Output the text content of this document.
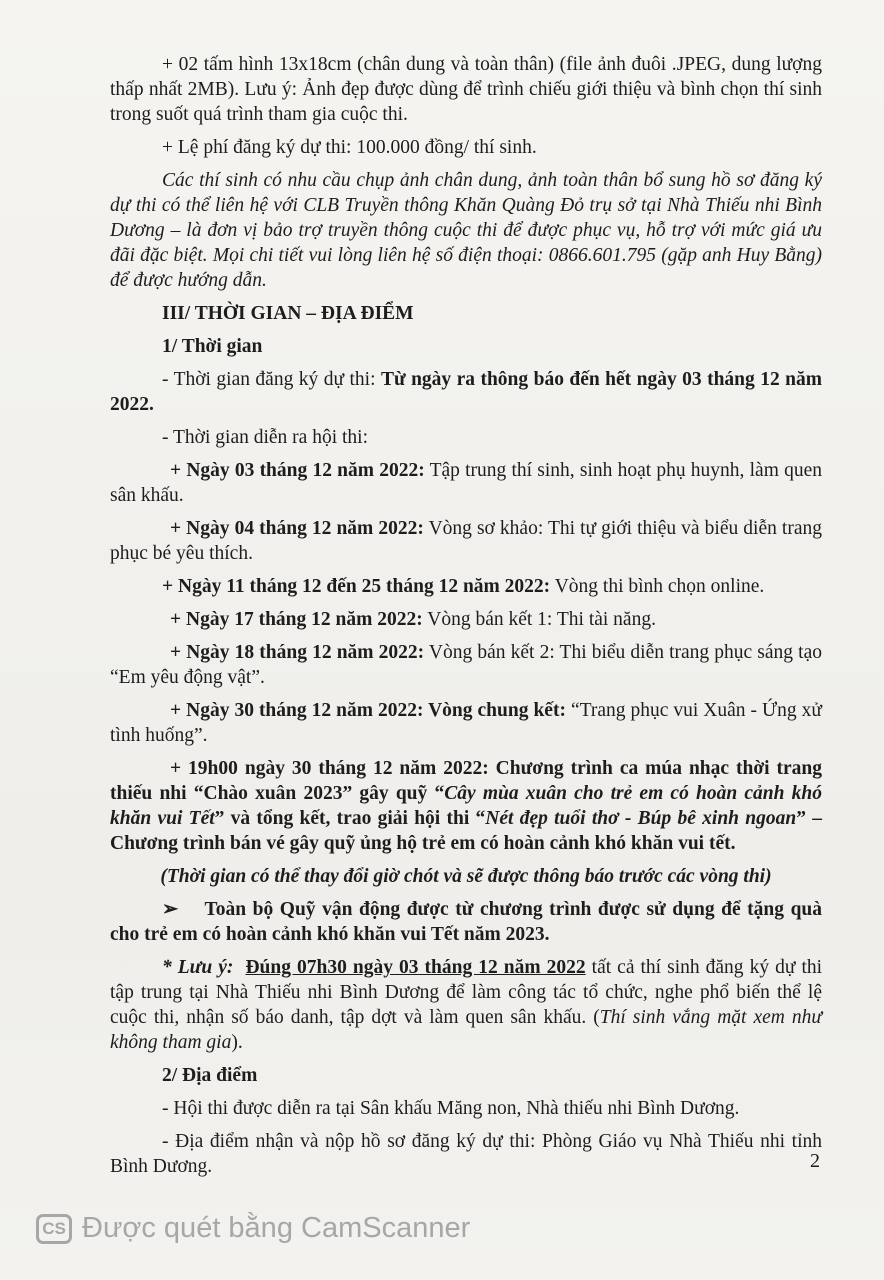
+ 02 tấm hình 13x18cm (chân dung và toàn thân) (file ảnh đuôi .JPEG, dung lượng thấp nhất 2MB). Lưu ý: Ảnh đẹp được dùng để trình chiếu giới thiệu và bình chọn thí sinh trong suốt quá trình tham gia cuộc thi.

+ Lệ phí đăng ký dự thi: 100.000 đồng/ thí sinh.

Các thí sinh có nhu cầu chụp ảnh chân dung, ảnh toàn thân bổ sung hồ sơ đăng ký dự thi có thể liên hệ với CLB Truyền thông Khăn Quàng Đỏ trụ sở tại Nhà Thiếu nhi Bình Dương – là đơn vị bảo trợ truyền thông cuộc thi để được phục vụ, hỗ trợ với mức giá ưu đãi đặc biệt. Mọi chi tiết vui lòng liên hệ số điện thoại: 0866.601.795 (gặp anh Huy Bằng) để được hướng dẫn.

III/ THỜI GIAN – ĐỊA ĐIỂM

1/ Thời gian

- Thời gian đăng ký dự thi: Từ ngày ra thông báo đến hết ngày 03 tháng 12 năm 2022.

- Thời gian diễn ra hội thi:

+ Ngày 03 tháng 12 năm 2022: Tập trung thí sinh, sinh hoạt phụ huynh, làm quen sân khấu.

+ Ngày 04 tháng 12 năm 2022: Vòng sơ khảo: Thi tự giới thiệu và biểu diễn trang phục bé yêu thích.

+ Ngày 11 tháng 12 đến 25 tháng 12 năm 2022: Vòng thi bình chọn online.

+ Ngày 17 tháng 12 năm 2022: Vòng bán kết 1: Thi tài năng.

+ Ngày 18 tháng 12 năm 2022: Vòng bán kết 2: Thi biểu diễn trang phục sáng tạo “Em yêu động vật”.

+ Ngày 30 tháng 12 năm 2022: Vòng chung kết: “Trang phục vui Xuân - Ứng xử tình huống”.

+ 19h00 ngày 30 tháng 12 năm 2022: Chương trình ca múa nhạc thời trang thiếu nhi “Chào xuân 2023” gây quỹ “Cây mùa xuân cho trẻ em có hoàn cảnh khó khăn vui Tết” và tổng kết, trao giải hội thi “Nét đẹp tuổi thơ - Búp bê xinh ngoan” – Chương trình bán vé gây quỹ ủng hộ trẻ em có hoàn cảnh khó khăn vui tết.

(Thời gian có thể thay đổi giờ chót và sẽ được thông báo trước các vòng thi)

➢ Toàn bộ Quỹ vận động được từ chương trình được sử dụng để tặng quà cho trẻ em có hoàn cảnh khó khăn vui Tết năm 2023.

* Lưu ý: Đúng 07h30 ngày 03 tháng 12 năm 2022 tất cả thí sinh đăng ký dự thi tập trung tại Nhà Thiếu nhi Bình Dương để làm công tác tổ chức, nghe phổ biến thể lệ cuộc thi, nhận số báo danh, tập dợt và làm quen sân khấu. (Thí sinh vắng mặt xem như không tham gia).

2/ Địa điểm

- Hội thi được diễn ra tại Sân khấu Măng non, Nhà thiếu nhi Bình Dương.

- Địa điểm nhận và nộp hồ sơ đăng ký dự thi: Phòng Giáo vụ Nhà Thiếu nhi tỉnh Bình Dương.	2
CS Được quét bằng CamScanner
